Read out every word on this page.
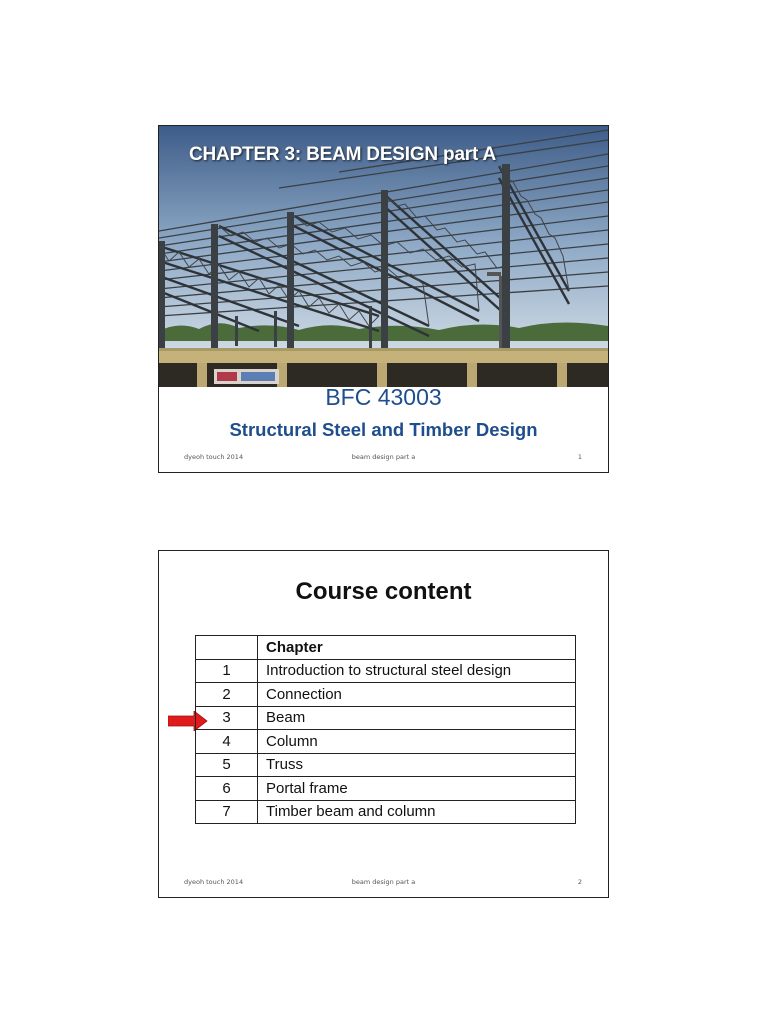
CHAPTER 3: BEAM DESIGN part A
BFC 43003
Structural Steel and Timber Design
dyeoh touch 2014	beam design part a	1
Course content
	Chapter
1	Introduction to structural steel design
2	Connection
3	Beam
4	Column
5	Truss
6	Portal frame
7	Timber beam and column
dyeoh touch 2014	beam design part a	2
